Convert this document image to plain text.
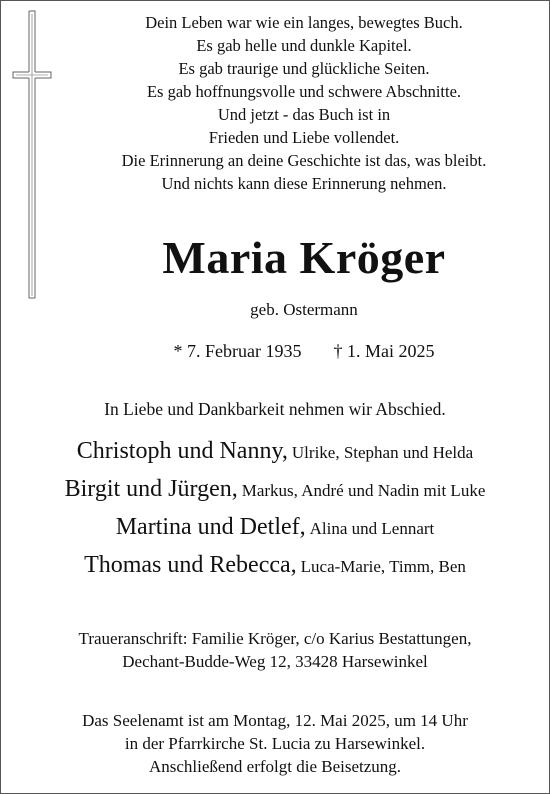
Dein Leben war wie ein langes, bewegtes Buch.
Es gab helle und dunkle Kapitel.
Es gab traurige und glückliche Seiten.
Es gab hoffnungsvolle und schwere Abschnitte.
Und jetzt - das Buch ist in
Frieden und Liebe vollendet.
Die Erinnerung an deine Geschichte ist das, was bleibt.
Und nichts kann diese Erinnerung nehmen.
Maria Kröger
geb. Ostermann
* 7. Februar 1935 † 1. Mai 2025
In Liebe und Dankbarkeit nehmen wir Abschied.
Christoph und Nanny, Ulrike, Stephan und Helda
Birgit und Jürgen, Markus, André und Nadin mit Luke
Martina und Detlef, Alina und Lennart
Thomas und Rebecca, Luca-Marie, Timm, Ben
Traueranschrift: Familie Kröger, c/o Karius Bestattungen,
Dechant-Budde-Weg 12, 33428 Harsewinkel
Das Seelenamt ist am Montag, 12. Mai 2025, um 14 Uhr
in der Pfarrkirche St. Lucia zu Harsewinkel.
Anschließend erfolgt die Beisetzung.
